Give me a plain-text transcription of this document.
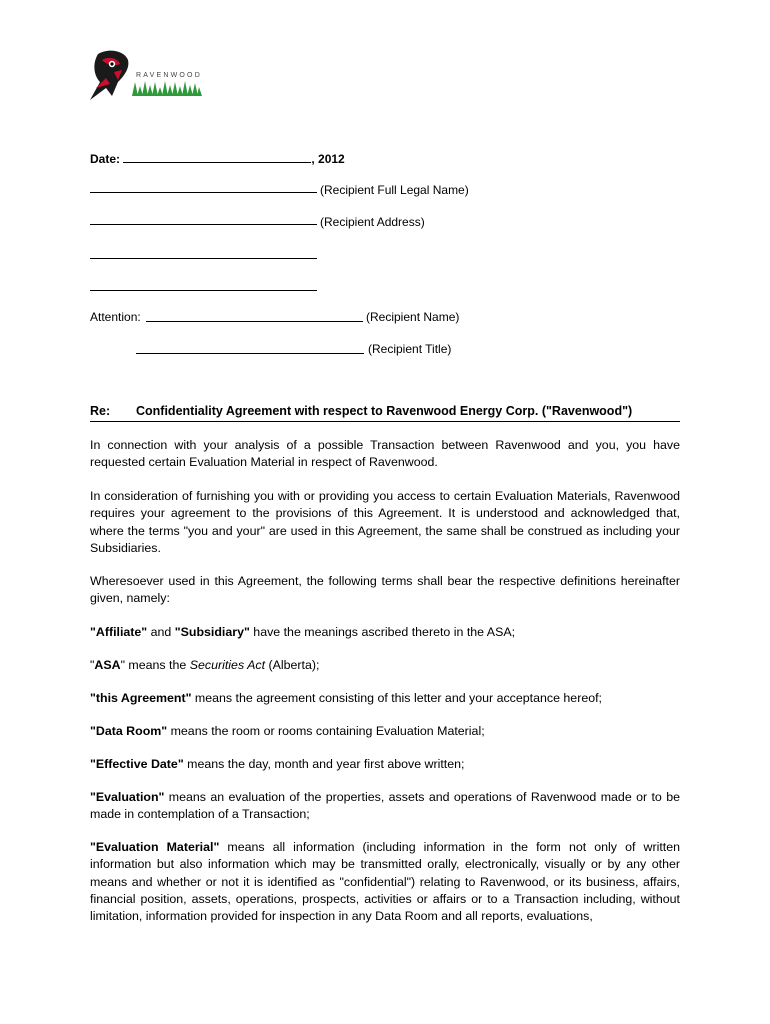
RAVENWOOD
Date:	, 2012
(Recipient Full Legal Name)
(Recipient Address)
Attention:	(Recipient Name)
(Recipient Title)
Re: Confidentiality Agreement with respect to Ravenwood Energy Corp. ("Ravenwood")

In connection with your analysis of a possible Transaction between Ravenwood and you, you have requested certain Evaluation Material in respect of Ravenwood.

In consideration of furnishing you with or providing you access to certain Evaluation Materials, Ravenwood requires your agreement to the provisions of this Agreement. It is understood and acknowledged that, where the terms "you and your" are used in this Agreement, the same shall be construed as including your Subsidiaries.

Wheresoever used in this Agreement, the following terms shall bear the respective definitions hereinafter given, namely:

"Affiliate" and "Subsidiary" have the meanings ascribed thereto in the ASA;

"ASA" means the Securities Act (Alberta);

"this Agreement" means the agreement consisting of this letter and your acceptance hereof;

"Data Room" means the room or rooms containing Evaluation Material;

"Effective Date" means the day, month and year first above written;

"Evaluation" means an evaluation of the properties, assets and operations of Ravenwood made or to be made in contemplation of a Transaction;

"Evaluation Material" means all information (including information in the form not only of written information but also information which may be transmitted orally, electronically, visually or by any other means and whether or not it is identified as "confidential") relating to Ravenwood, or its business, affairs, financial position, assets, operations, prospects, activities or affairs or to a Transaction including, without limitation, information provided for inspection in any Data Room and all reports, evaluations,
